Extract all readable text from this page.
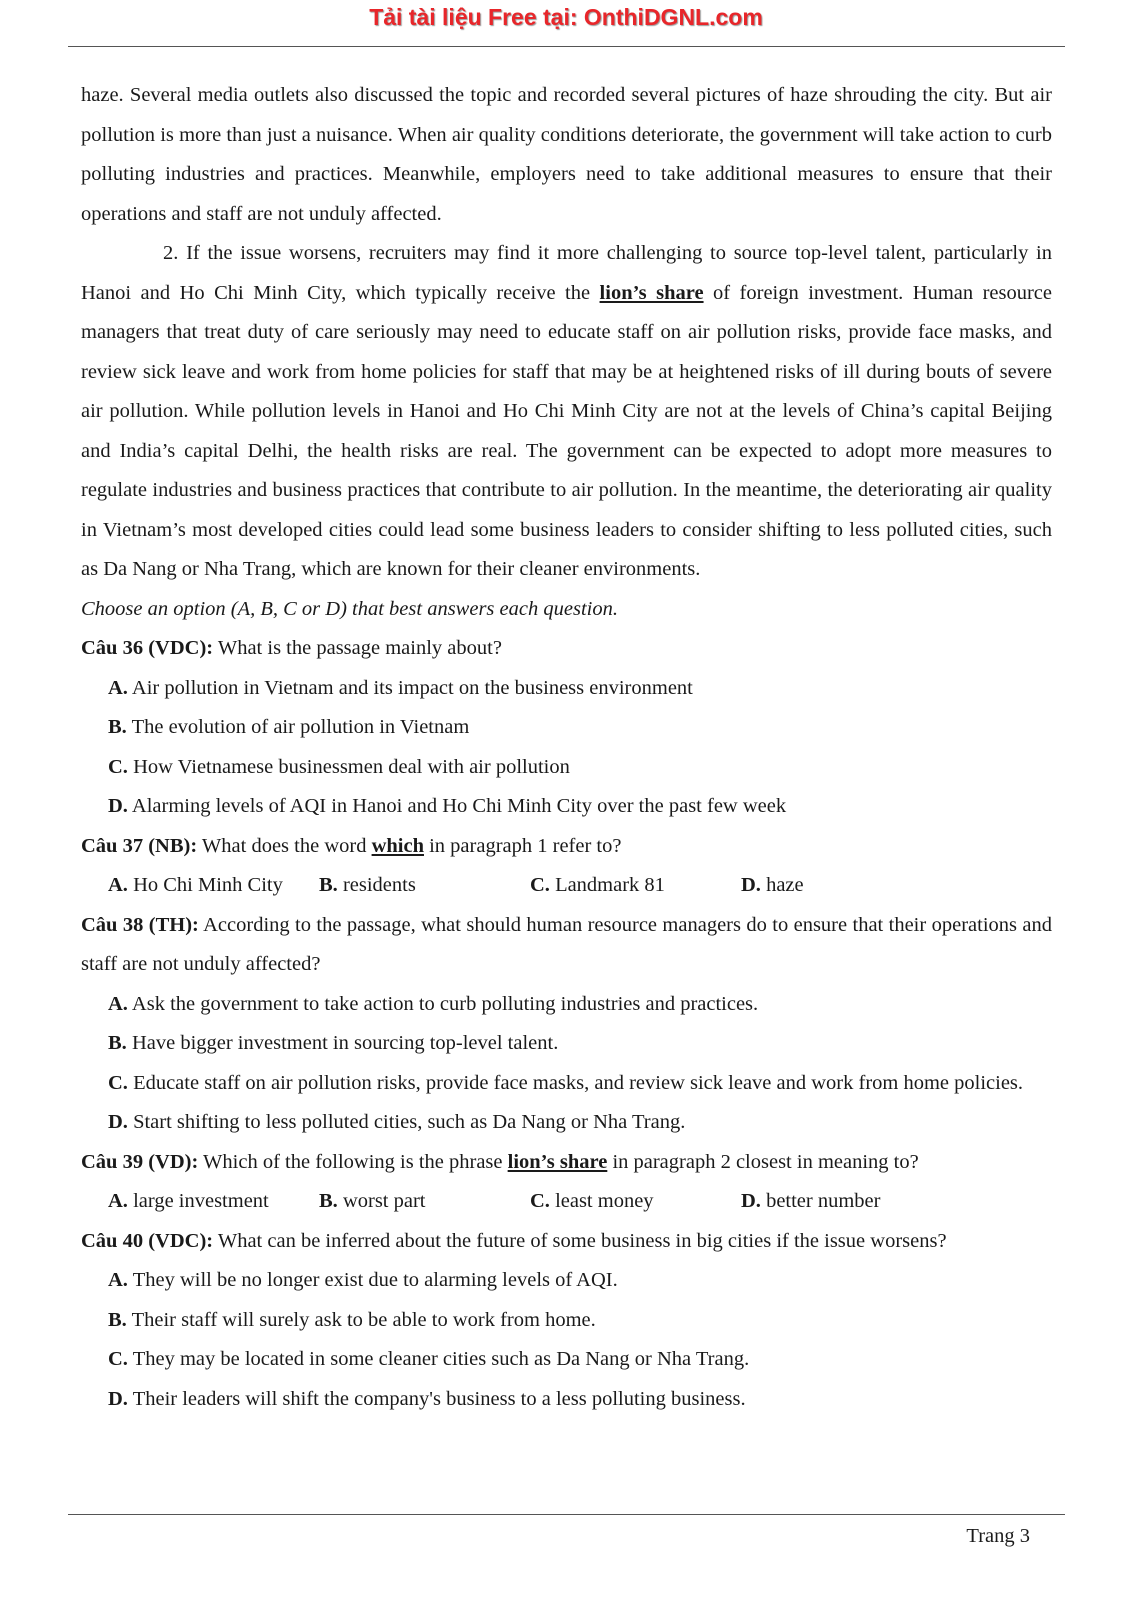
Tải tài liệu Free tại: OnthiDGNL.com

haze. Several media outlets also discussed the topic and recorded several pictures of haze shrouding the city. But air pollution is more than just a nuisance. When air quality conditions deteriorate, the government will take action to curb polluting industries and practices. Meanwhile, employers need to take additional measures to ensure that their operations and staff are not unduly affected.

2. If the issue worsens, recruiters may find it more challenging to source top-level talent, particularly in Hanoi and Ho Chi Minh City, which typically receive the lion’s share of foreign investment. Human resource managers that treat duty of care seriously may need to educate staff on air pollution risks, provide face masks, and review sick leave and work from home policies for staff that may be at heightened risks of ill during bouts of severe air pollution. While pollution levels in Hanoi and Ho Chi Minh City are not at the levels of China’s capital Beijing and India’s capital Delhi, the health risks are real. The government can be expected to adopt more measures to regulate industries and business practices that contribute to air pollution. In the meantime, the deteriorating air quality in Vietnam’s most developed cities could lead some business leaders to consider shifting to less polluted cities, such as Da Nang or Nha Trang, which are known for their cleaner environments.

Choose an option (A, B, C or D) that best answers each question.

Câu 36 (VDC): What is the passage mainly about?

A. Air pollution in Vietnam and its impact on the business environment

B. The evolution of air pollution in Vietnam

C. How Vietnamese businessmen deal with air pollution

D. Alarming levels of AQI in Hanoi and Ho Chi Minh City over the past few week

Câu 37 (NB): What does the word which in paragraph 1 refer to?

A. Ho Chi Minh City	B. residents	C. Landmark 81	D. haze

Câu 38 (TH): According to the passage, what should human resource managers do to ensure that their operations and staff are not unduly affected?

A. Ask the government to take action to curb polluting industries and practices.

B. Have bigger investment in sourcing top-level talent.

C. Educate staff on air pollution risks, provide face masks, and review sick leave and work from home policies.

D. Start shifting to less polluted cities, such as Da Nang or Nha Trang.

Câu 39 (VD): Which of the following is the phrase lion’s share in paragraph 2 closest in meaning to?

A. large investment	B. worst part	C. least money	D. better number

Câu 40 (VDC): What can be inferred about the future of some business in big cities if the issue worsens?

A. They will be no longer exist due to alarming levels of AQI.

B. Their staff will surely ask to be able to work from home.

C. They may be located in some cleaner cities such as Da Nang or Nha Trang.

D. Their leaders will shift the company's business to a less polluting business.

Trang 3
